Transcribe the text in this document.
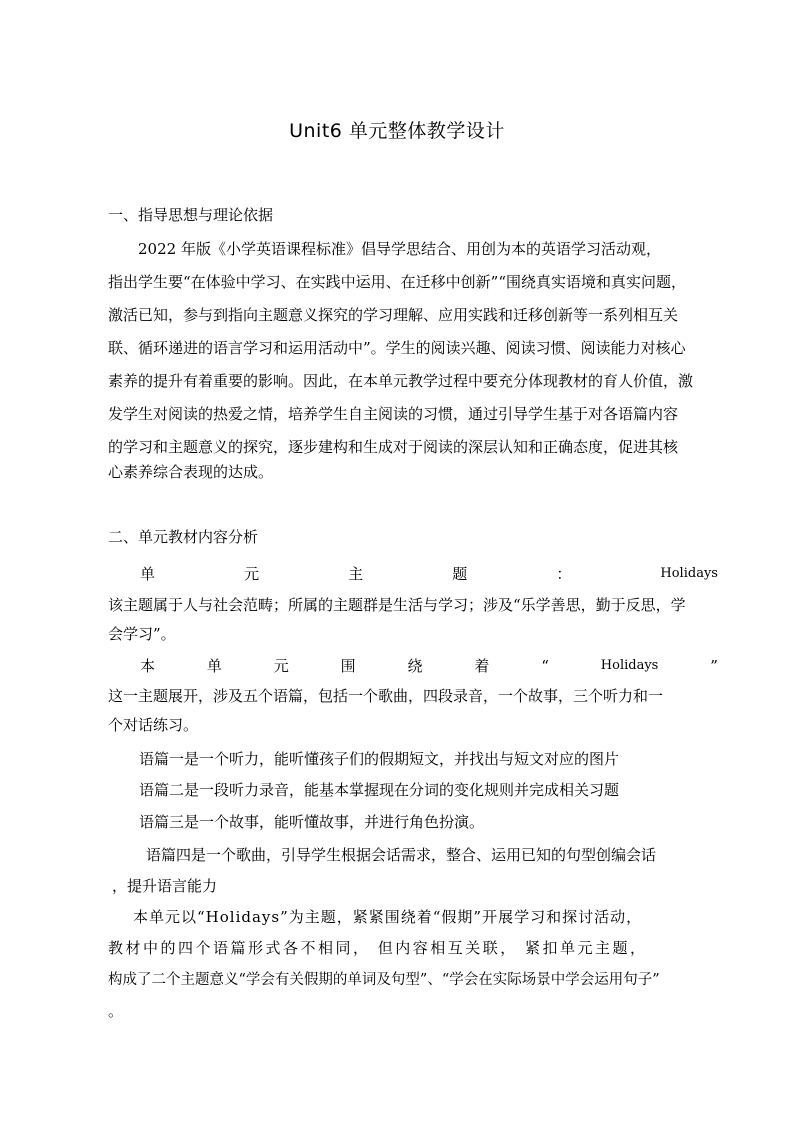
Unit6 单元整体教学设计
一、指导思想与理论依据
　　2022 年版《小学英语课程标准》倡导学思结合、用创为本的英语学习活动观，
指出学生要“在体验中学习、在实践中运用、在迁移中创新”“围绕真实语境和真实问题，
激活已知，参与到指向主题意义探究的学习理解、应用实践和迁移创新等一系列相互关
联、循环递进的语言学习和运用活动中”。学生的阅读兴趣、阅读习惯、阅读能力对核心
素养的提升有着重要的影响。因此，在本单元教学过程中要充分体现教材的育人价值，激
发学生对阅读的热爱之情，培养学生自主阅读的习惯，通过引导学生基于对各语篇内容
的学习和主题意义的探究，逐步建构和生成对于阅读的深层认知和正确态度，促进其核
心素养综合表现的达成。
二、单元教材内容分析
单	元	主	题	：	Holidays
该主题属于人与社会范畴；所属的主题群是生活与学习；涉及“乐学善思，勤于反思，学
会学习”。
本	单	元	围	绕	着	“	Holidays	”
这一主题展开，涉及五个语篇，包括一个歌曲，四段录音，一个故事，三个听力和一
个对话练习。
语篇一是一个听力，能听懂孩子们的假期短文，并找出与短文对应的图片
语篇二是一段听力录音，能基本掌握现在分词的变化规则并完成相关习题
语篇三是一个故事，能听懂故事，并进行角色扮演。
语篇四是一个歌曲，引导学生根据会话需求，整合、运用已知的句型创编会话
，提升语言能力
本单元以“Holidays”为主题，紧紧围绕着“假期”开展学习和探讨活动，
教材中的四个语篇形式各不相同， 但内容相互关联， 紧扣单元主题，
构成了二个主题意义“学会有关假期的单词及句型”、“学会在实际场景中学会运用句子”
。
